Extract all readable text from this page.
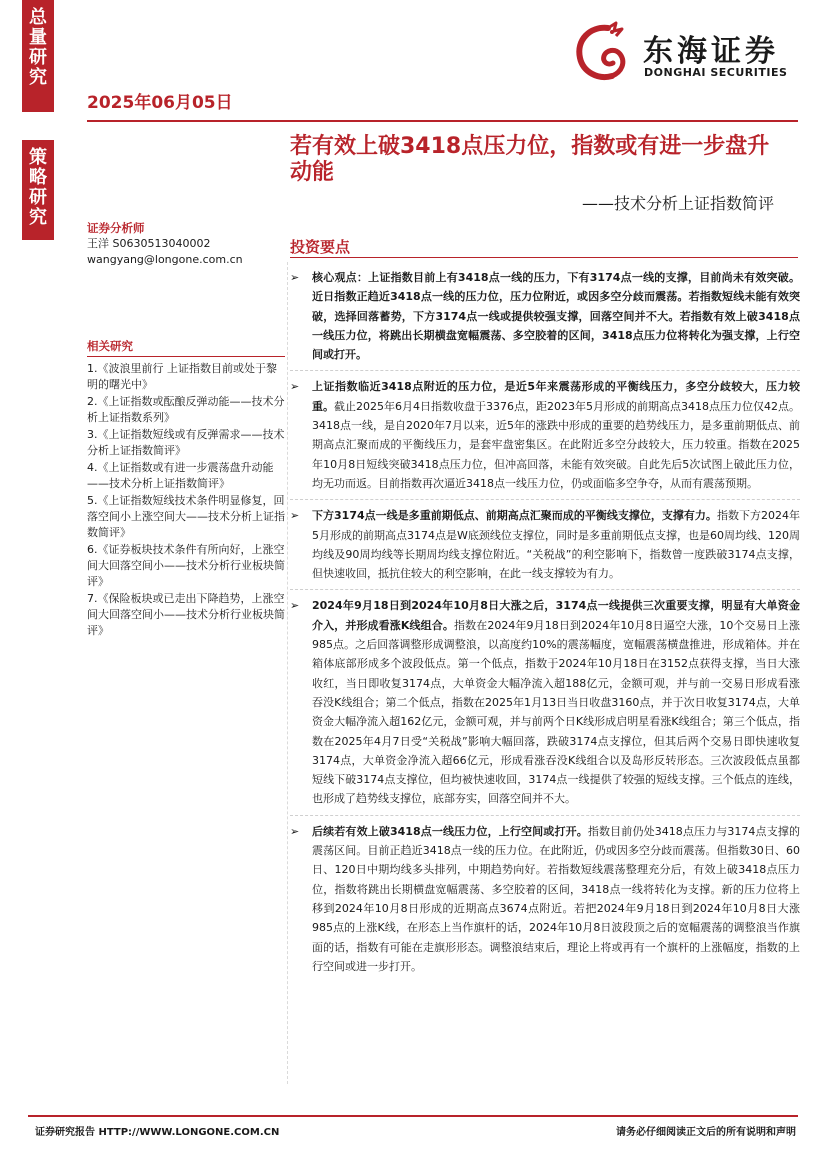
总
量
研
究
策
略
研
究
2025年06月05日
东海证券
DONGHAI SECURITIES
若有效上破3418点压力位，指数或有进一步盘升动能
——技术分析上证指数简评
证券分析师
王洋 S0630513040002
wangyang@longone.com.cn
相关研究
1.《波浪里前行 上证指数目前或处于黎明的曙光中》
2.《上证指数或酝酿反弹动能——技术分析上证指数系列》
3.《上证指数短线或有反弹需求——技术分析上证指数简评》
4.《上证指数或有进一步震荡盘升动能——技术分析上证指数简评》
5.《上证指数短线技术条件明显修复，回落空间小上涨空间大——技术分析上证指数简评》
6.《证券板块技术条件有所向好，上涨空间大回落空间小——技术分析行业板块简评》
7.《保险板块或已走出下降趋势，上涨空间大回落空间小——技术分析行业板块简评》
投资要点
➢ 核心观点：上证指数目前上有3418点一线的压力，下有3174点一线的支撑，目前尚未有效突破。近日指数正趋近3418点一线的压力位，压力位附近，或因多空分歧而震荡。若指数短线未能有效突破，选择回落蓄势，下方3174点一线或提供较强支撑，回落空间并不大。若指数有效上破3418点一线压力位，将跳出长期横盘宽幅震荡、多空胶着的区间，3418点压力位将转化为强支撑，上行空间或打开。
➢ 上证指数临近3418点附近的压力位，是近5年来震荡形成的平衡线压力，多空分歧较大，压力较重。截止2025年6月4日指数收盘于3376点，距2023年5月形成的前期高点3418点压力位仅42点。3418点一线，是自2020年7月以来，近5年的涨跌中形成的重要的趋势线压力，是多重前期低点、前期高点汇聚而成的平衡线压力，是套牢盘密集区。在此附近多空分歧较大，压力较重。指数在2025年10月8日短线突破3418点压力位，但冲高回落，未能有效突破。自此先后5次试图上破此压力位，均无功而返。目前指数再次逼近3418点一线压力位，仍或面临多空争夺，从而有震荡预期。
➢ 下方3174点一线是多重前期低点、前期高点汇聚而成的平衡线支撑位，支撑有力。指数下方2024年5月形成的前期高点3174点是W底颈线位支撑位，同时是多重前期低点支撑，也是60周均线、120周均线及90周均线等长期周均线支撑位附近。“关税战”的利空影响下，指数曾一度跌破3174点支撑，但快速收回，抵抗住较大的利空影响，在此一线支撑较为有力。
➢ 2024年9月18日到2024年10月8日大涨之后，3174点一线提供三次重要支撑，明显有大单资金介入，并形成看涨K线组合。指数在2024年9月18日到2024年10月8日逼空大涨，10个交易日上涨985点。之后回落调整形成调整浪，以高度约10%的震荡幅度，宽幅震荡横盘推进，形成箱体。并在箱体底部形成多个波段低点。第一个低点，指数于2024年10月18日在3152点获得支撑，当日大涨收红，当日即收复3174点，大单资金大幅净流入超188亿元，金额可观，并与前一交易日形成看涨吞没K线组合；第二个低点，指数在2025年1月13日当日收盘3160点，并于次日收复3174点，大单资金大幅净流入超162亿元，金额可观，并与前两个日K线形成启明星看涨K线组合；第三个低点，指数在2025年4月7日受“关税战”影响大幅回落，跌破3174点支撑位，但其后两个交易日即快速收复3174点，大单资金净流入超66亿元，形成看涨吞没K线组合以及岛形反转形态。三次波段低点虽都短线下破3174点支撑位，但均被快速收回，3174点一线提供了较强的短线支撑。三个低点的连线，也形成了趋势线支撑位，底部夯实，回落空间并不大。
➢ 后续若有效上破3418点一线压力位，上行空间或打开。指数目前仍处3418点压力与3174点支撑的震荡区间。目前正趋近3418点一线的压力位。在此附近，仍或因多空分歧而震荡。但指数30日、60日、120日中期均线多头排列，中期趋势向好。若指数短线震荡整理充分后，有效上破3418点压力位，指数将跳出长期横盘宽幅震荡、多空胶着的区间，3418点一线将转化为支撑。新的压力位将上移到2024年10月8日形成的近期高点3674点附近。若把2024年9月18日到2024年10月8日大涨985点的上涨K线，在形态上当作旗杆的话，2024年10月8日波段顶之后的宽幅震荡的调整浪当作旗面的话，指数有可能在走旗形形态。调整浪结束后，理论上将或再有一个旗杆的上涨幅度，指数的上行空间或进一步打开。
证券研究报告 HTTP://WWW.LONGONE.COM.CN	请务必仔细阅读正文后的所有说明和声明
